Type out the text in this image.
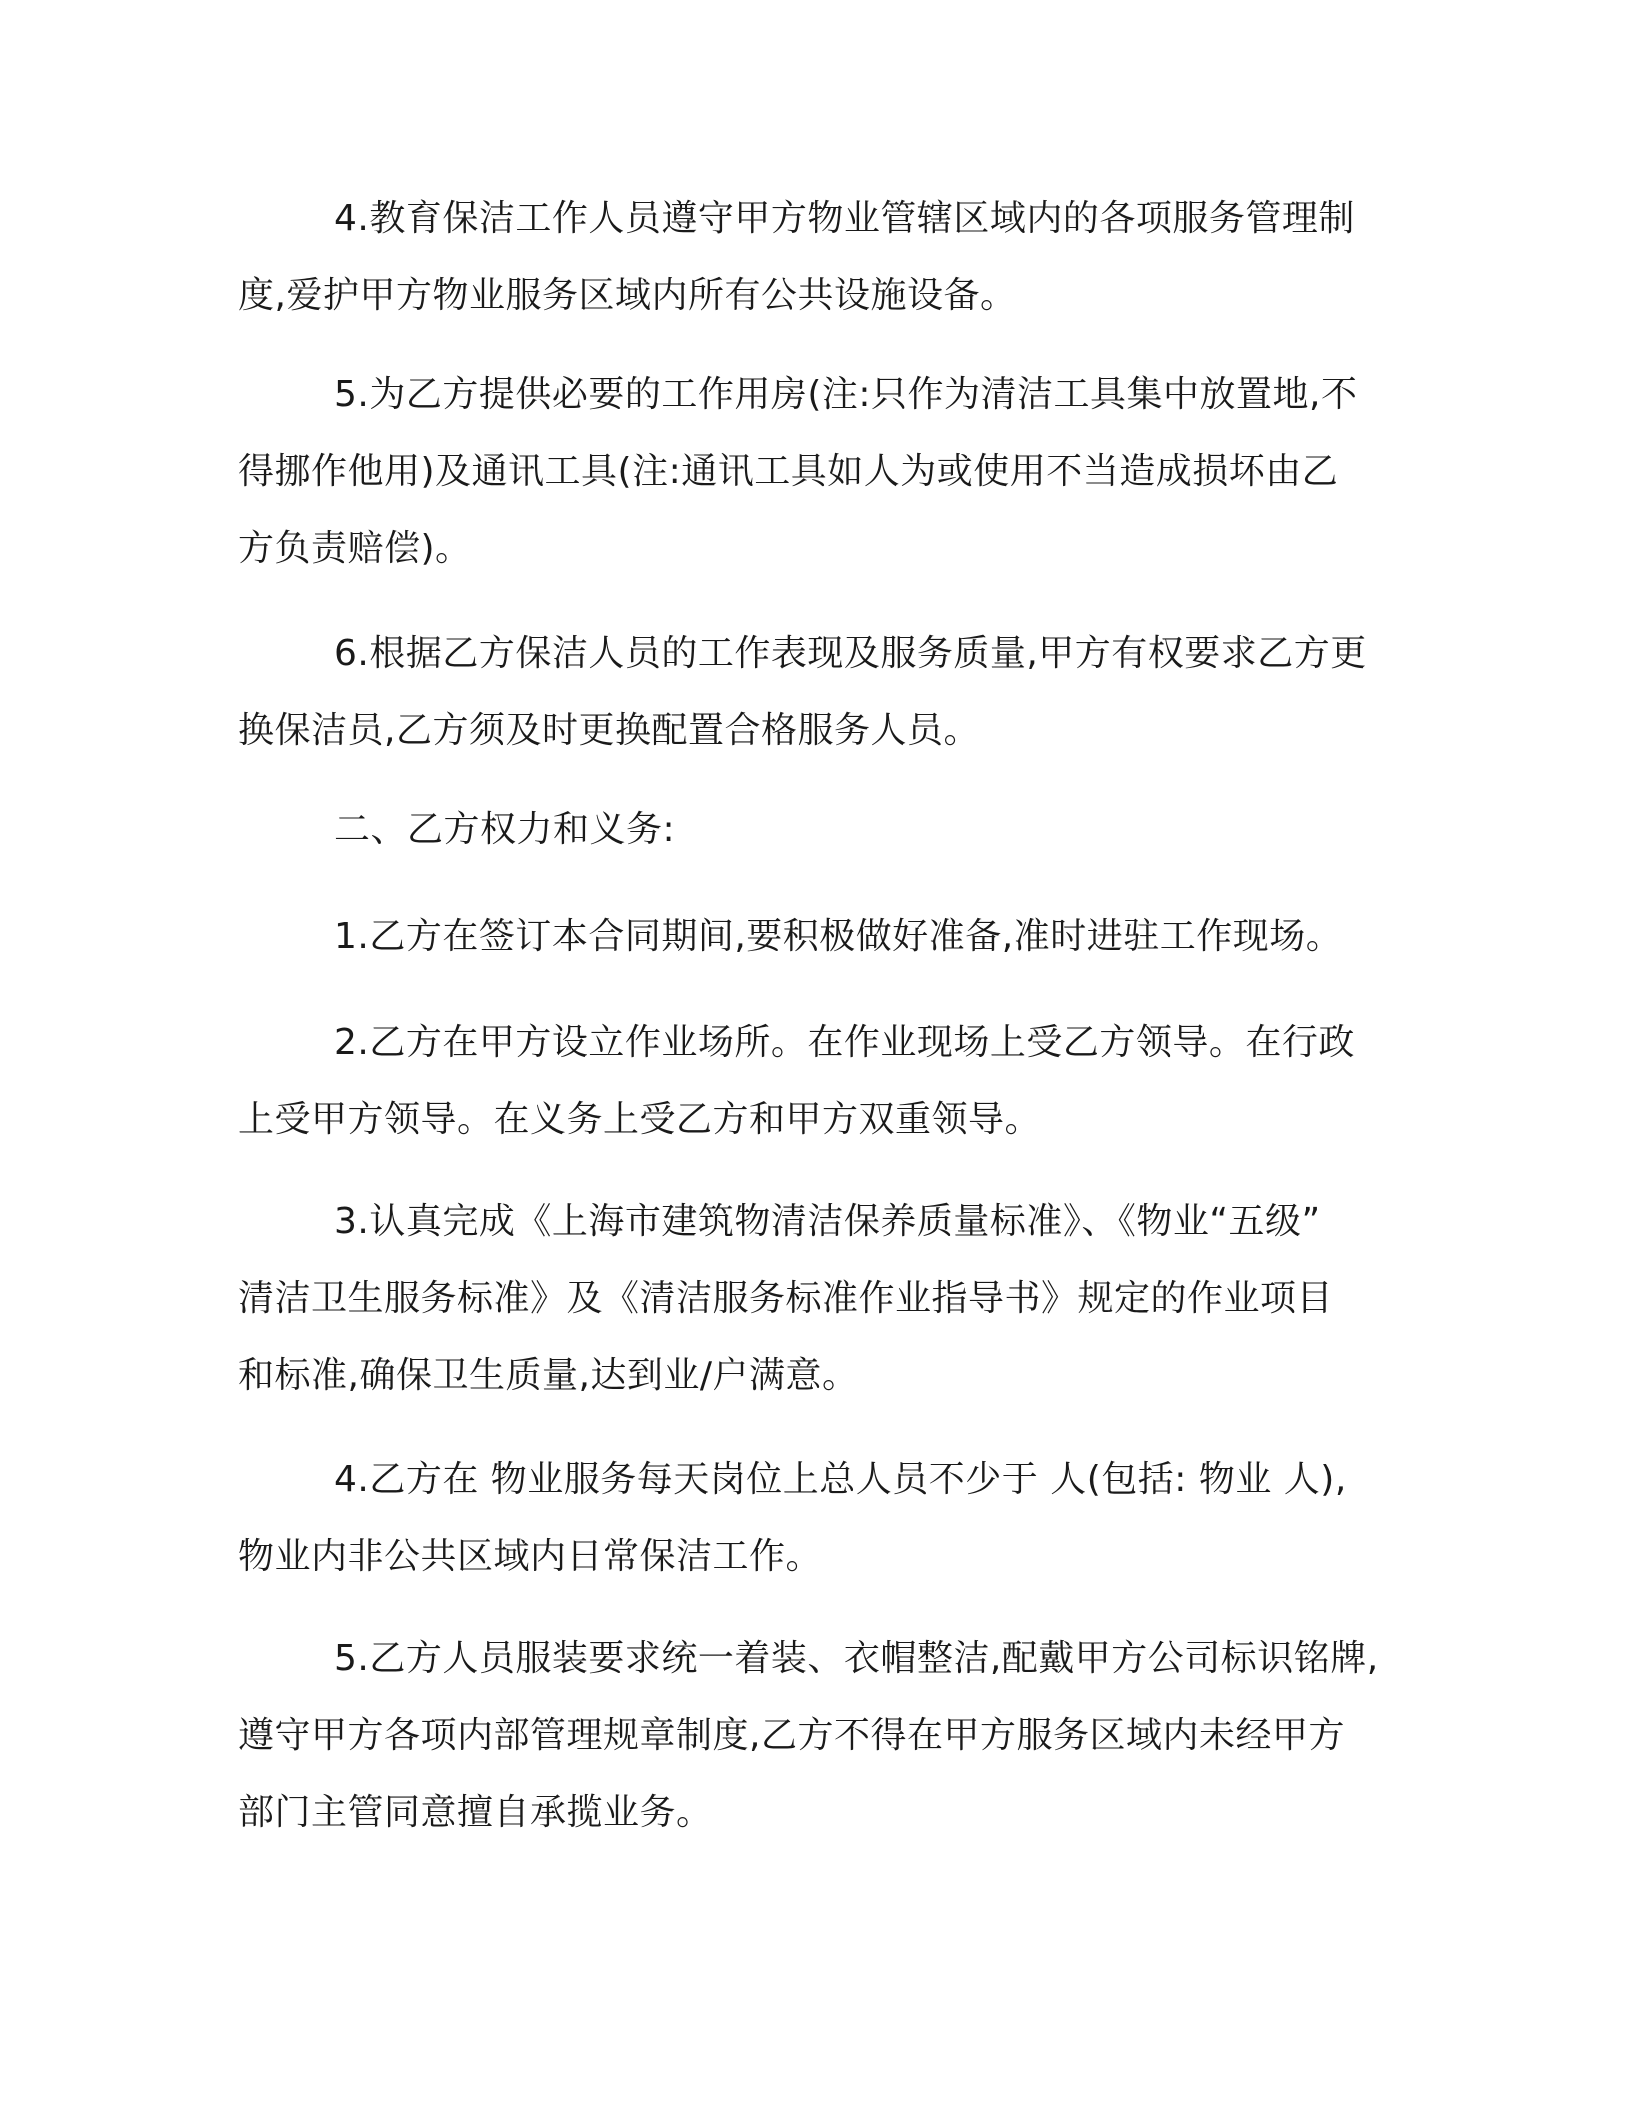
4.教育保洁工作人员遵守甲方物业管辖区域内的各项服务管理制
度,爱护甲方物业服务区域内所有公共设施设备。

5.为乙方提供必要的工作用房(注:只作为清洁工具集中放置地,不
得挪作他用)及通讯工具(注:通讯工具如人为或使用不当造成损坏由乙
方负责赔偿)。

6.根据乙方保洁人员的工作表现及服务质量,甲方有权要求乙方更
换保洁员,乙方须及时更换配置合格服务人员。

二、乙方权力和义务:

1.乙方在签订本合同期间,要积极做好准备,准时进驻工作现场。

2.乙方在甲方设立作业场所。在作业现场上受乙方领导。在行政
上受甲方领导。在义务上受乙方和甲方双重领导。

3.认真完成《上海市建筑物清洁保养质量标准》、《物业“五级”
清洁卫生服务标准》及《清洁服务标准作业指导书》规定的作业项目
和标准,确保卫生质量,达到业/户满意。

4.乙方在 物业服务每天岗位上总人员不少于 人(包括: 物业 人),
物业内非公共区域内日常保洁工作。

5.乙方人员服装要求统一着装、衣帽整洁,配戴甲方公司标识铭牌,
遵守甲方各项内部管理规章制度,乙方不得在甲方服务区域内未经甲方
部门主管同意擅自承揽业务。
